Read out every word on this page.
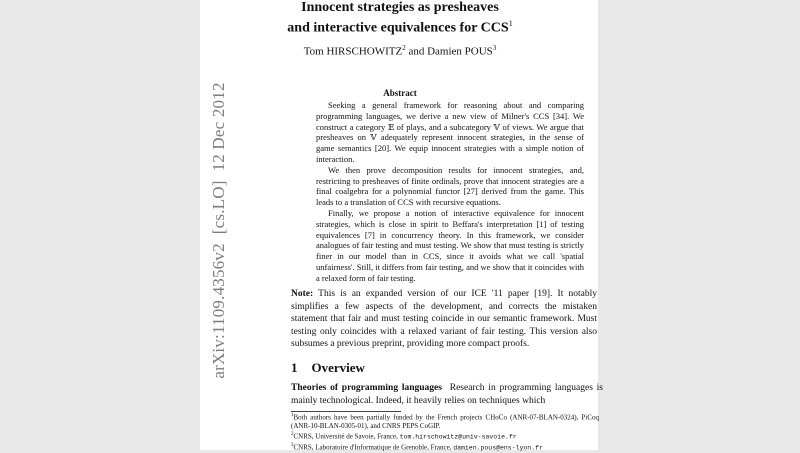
arXiv:1109.4356v2[cs.LO]12 Dec 2012
Innocent strategies as presheaves
and interactive equivalences for CCS$^1$
Tom HIRSCHOWITZ$^2$ and Damien POUS$^3$
Abstract

Seeking a general framework for reasoning about and comparing programming languages, we derive a new view of Milner's CCS [34]. We construct a category 𝔼 of plays, and a subcategory 𝕍 of views. We argue that presheaves on 𝕍 adequately represent innocent strategies, in the sense of game semantics [20]. We equip innocent strategies with a simple notion of interaction.

We then prove decomposition results for innocent strategies, and, restricting to presheaves of finite ordinals, prove that innocent strategies are a final coalgebra for a polynomial functor [27] derived from the game. This leads to a translation of CCS with recursive equations.

Finally, we propose a notion of interactive equivalence for innocent strategies, which is close in spirit to Beffara's interpretation [1] of testing equivalences [7] in concurrency theory. In this framework, we consider analogues of fair testing and must testing. We show that must testing is strictly finer in our model than in CCS, since it avoids what we call 'spatial unfairness'. Still, it differs from fair testing, and we show that it coincides with a relaxed form of fair testing.

Note: This is an expanded version of our ICE '11 paper [19]. It notably simplifies a few aspects of the development, and corrects the mistaken statement that fair and must testing coincide in our semantic framework. Must testing only coincides with a relaxed variant of fair testing. This version also subsumes a previous preprint, providing more compact proofs.
1 Overview
Theories of programming languages Research in programming languages is mainly technological. Indeed, it heavily relies on techniques which
$^1$Both authors have been partially funded by the French projects CHoCo (ANR-07-BLAN-0324), PiCoq (ANR-10-BLAN-0305-01), and CNRS PEPS CoGIP.
$^2$CNRS, Université de Savoie, France, tom.hirschowitz@univ-savoie.fr
$^3$CNRS, Laboratoire d'Informatique de Grenoble, France, damien.pous@ens-lyon.fr
